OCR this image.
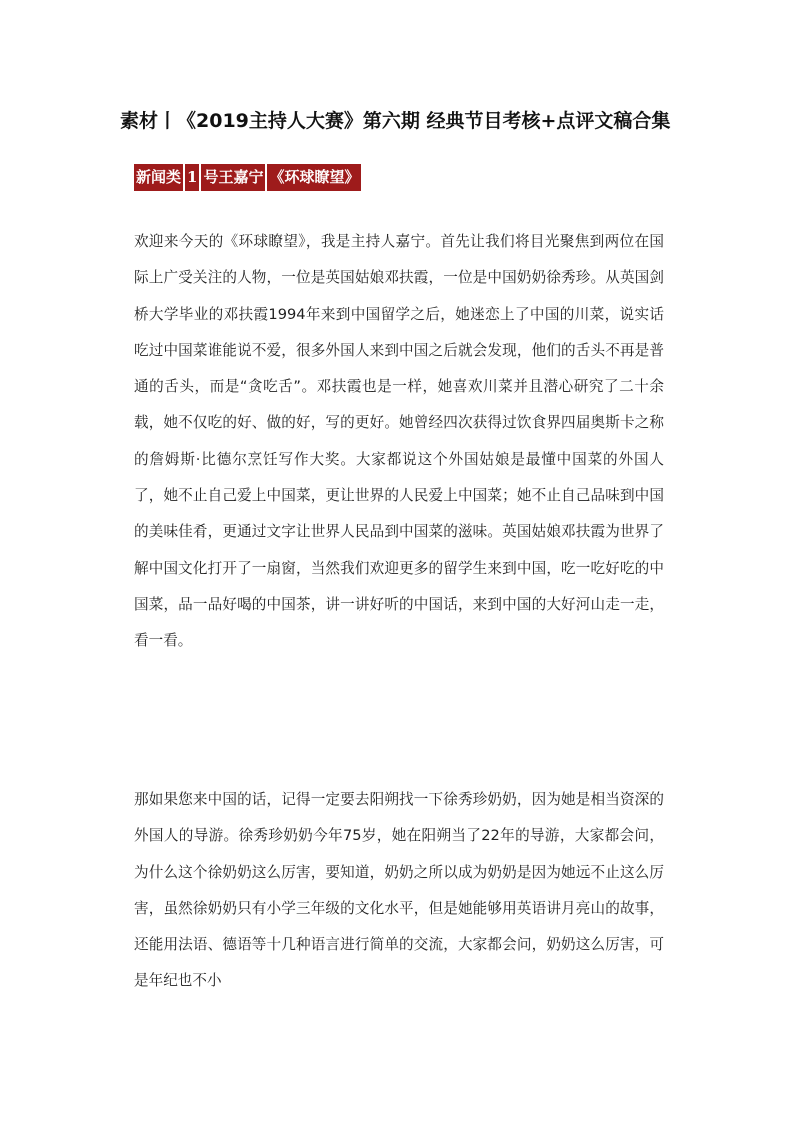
素材丨《2019主持人大赛》第六期 经典节目考核+点评文稿合集
新闻类 1 号王嘉宁 《环球瞭望》

欢迎来今天的《环球瞭望》，我是主持人嘉宁。首先让我们将目光聚焦到两位在国际上广受关注的人物，一位是英国姑娘邓扶霞，一位是中国奶奶徐秀珍。从英国剑桥大学毕业的邓扶霞1994年来到中国留学之后，她迷恋上了中国的川菜，说实话吃过中国菜谁能说不爱，很多外国人来到中国之后就会发现，他们的舌头不再是普通的舌头，而是“贪吃舌”。邓扶霞也是一样，她喜欢川菜并且潜心研究了二十余载，她不仅吃的好、做的好，写的更好。她曾经四次获得过饮食界四届奥斯卡之称的詹姆斯·比德尔烹饪写作大奖。大家都说这个外国姑娘是最懂中国菜的外国人了，她不止自己爱上中国菜，更让世界的人民爱上中国菜；她不止自己品味到中国的美味佳肴，更通过文字让世界人民品到中国菜的滋味。英国姑娘邓扶霞为世界了解中国文化打开了一扇窗，当然我们欢迎更多的留学生来到中国，吃一吃好吃的中国菜，品一品好喝的中国茶，讲一讲好听的中国话，来到中国的大好河山走一走，看一看。

那如果您来中国的话，记得一定要去阳朔找一下徐秀珍奶奶，因为她是相当资深的外国人的导游。徐秀珍奶奶今年75岁，她在阳朔当了22年的导游，大家都会问，为什么这个徐奶奶这么厉害，要知道，奶奶之所以成为奶奶是因为她远不止这么厉害，虽然徐奶奶只有小学三年级的文化水平，但是她能够用英语讲月亮山的故事，还能用法语、德语等十几种语言进行简单的交流，大家都会问，奶奶这么厉害，可是年纪也不小
